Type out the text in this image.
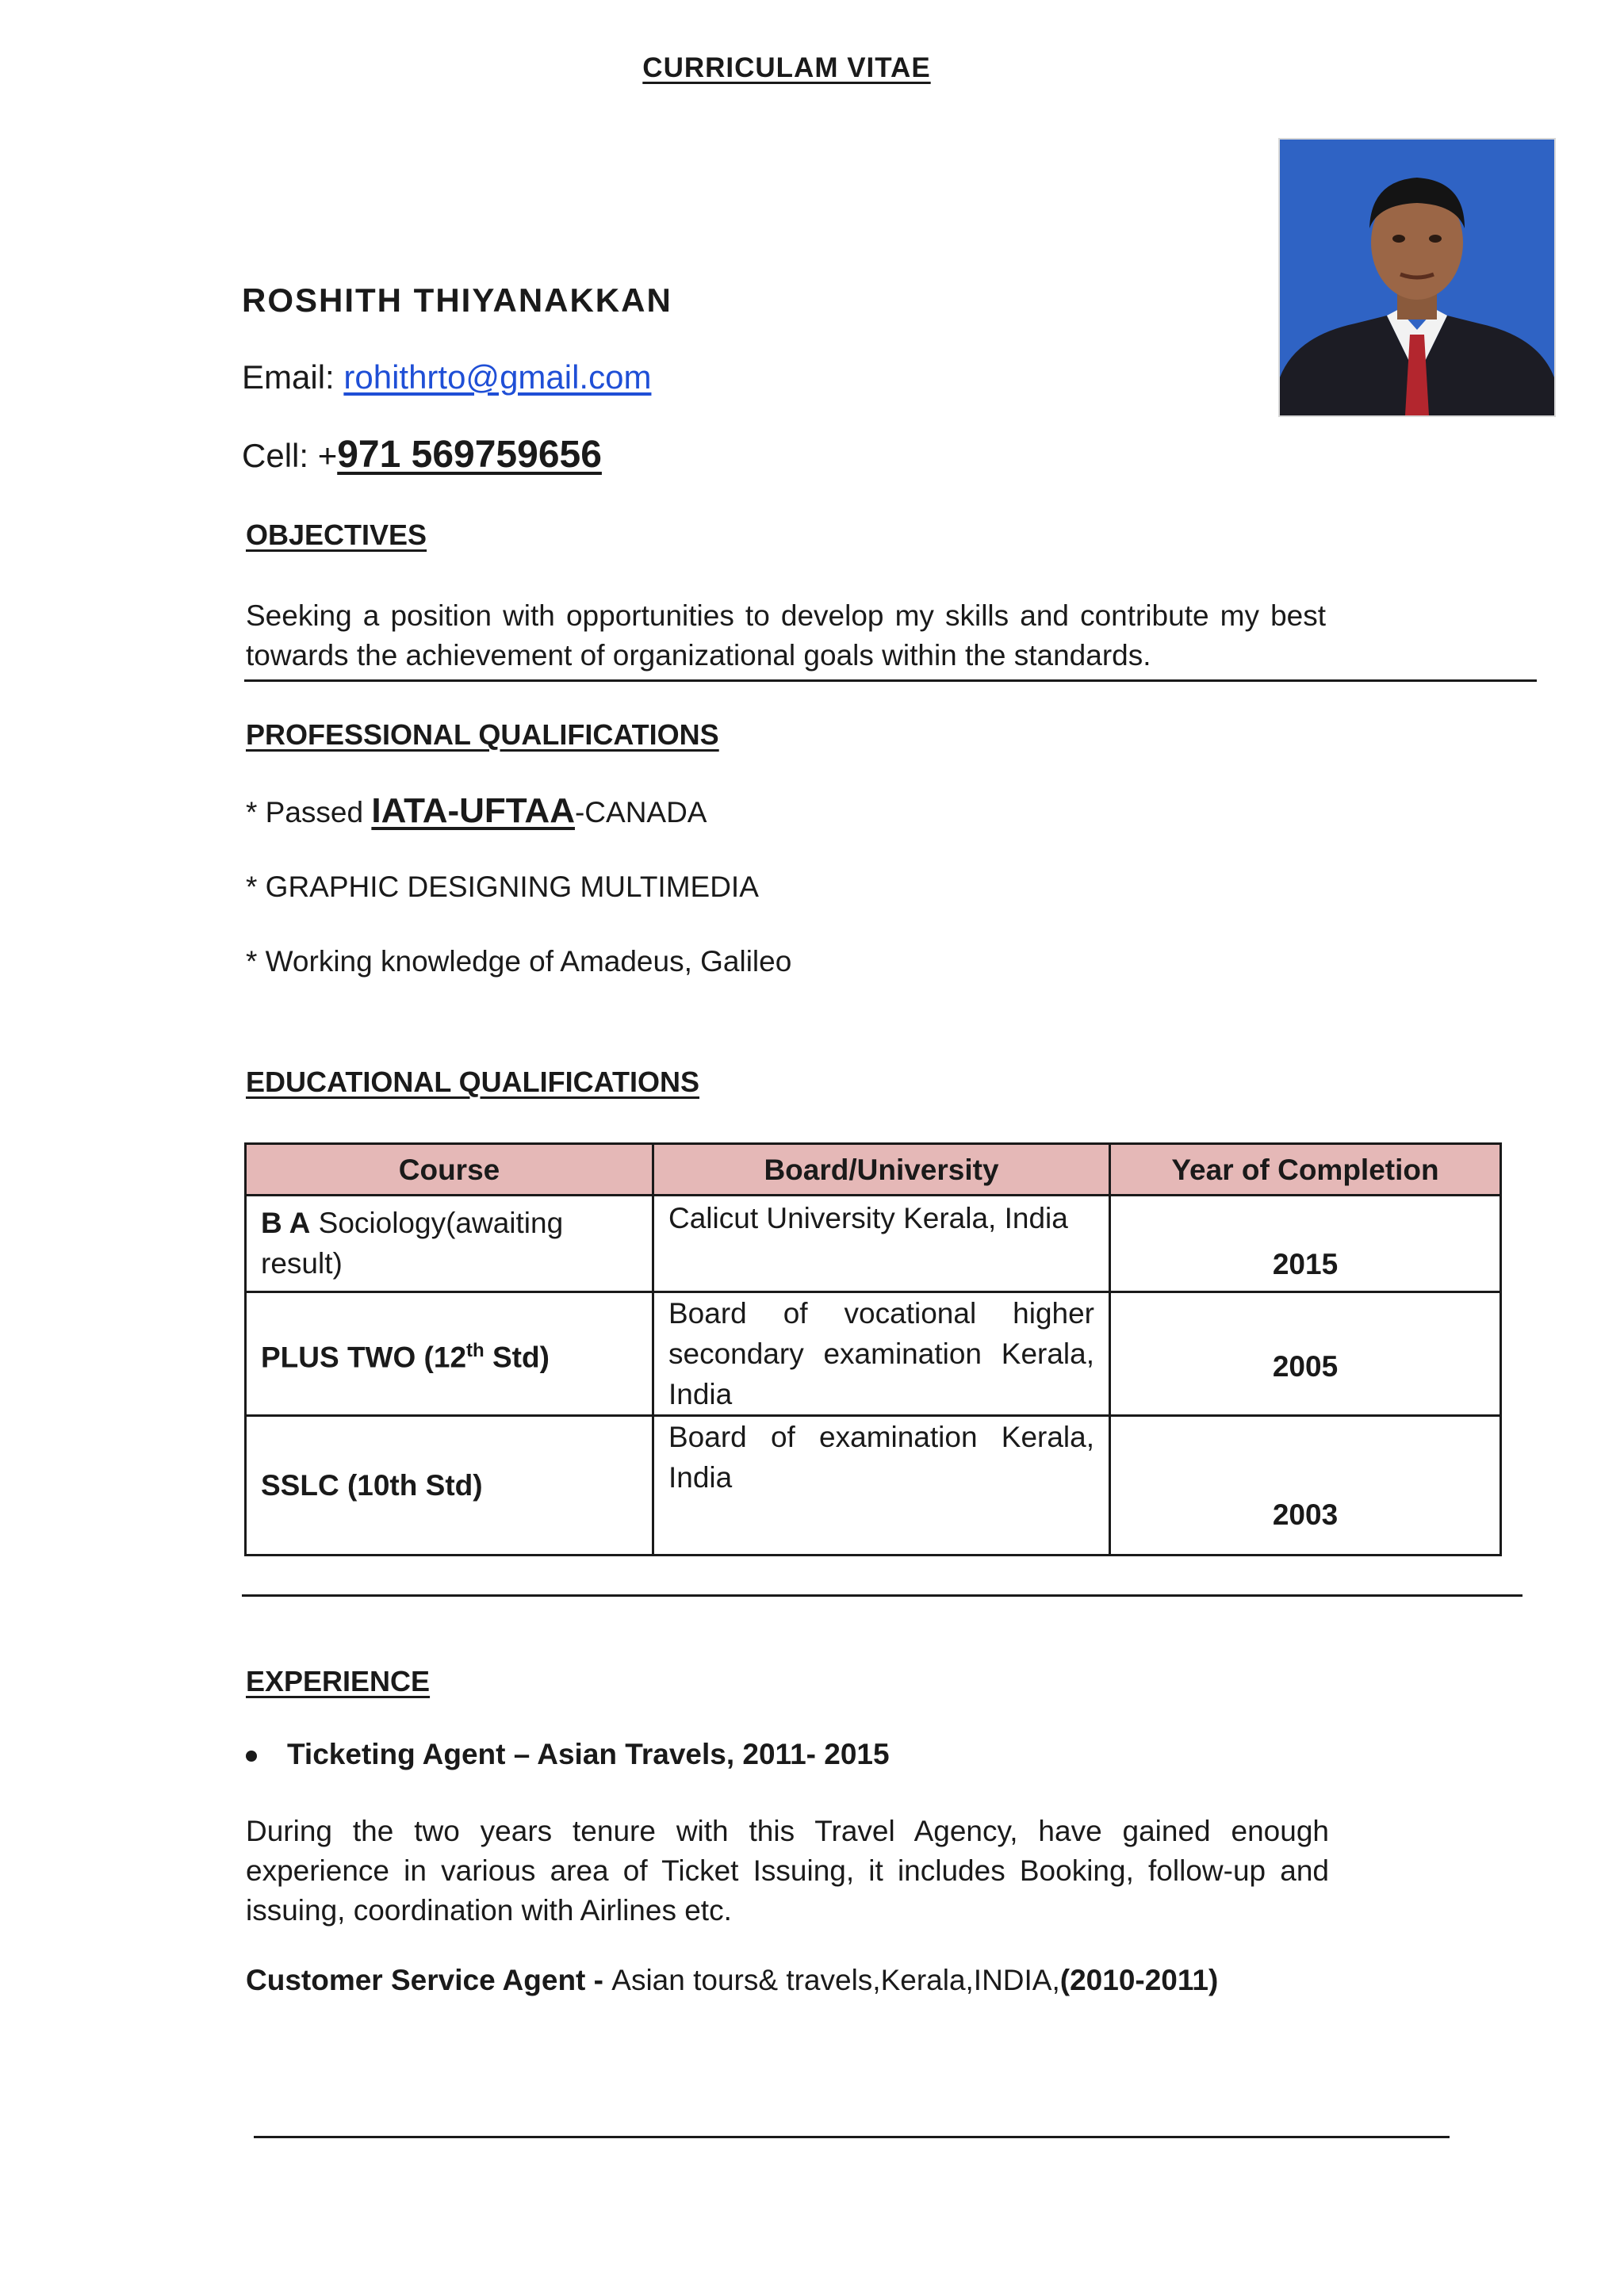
CURRICULAM VITAE
ROSHITH THIYANAKKAN
Email: rohithrto@gmail.com
Cell: +971 569759656
OBJECTIVES
Seeking a position with opportunities to develop my skills and contribute my best towards the achievement of organizational goals within the standards.
PROFESSIONAL QUALIFICATIONS
* Passed IATA-UFTAA-CANADA
* GRAPHIC DESIGNING MULTIMEDIA
* Working knowledge of Amadeus, Galileo
EDUCATIONAL QUALIFICATIONS
Course	Board/University	Year of Completion
B A Sociology(awaiting result)	Calicut University Kerala, India	2015
PLUS TWO (12th Std)	Board of vocational higher secondary examination Kerala, India	2005
SSLC (10th Std)	Board of examination Kerala, India	2003
EXPERIENCE
Ticketing Agent – Asian Travels, 2011- 2015
During the two years tenure with this Travel Agency, have gained enough experience in various area of Ticket Issuing, it includes Booking, follow-up and issuing, coordination with Airlines etc.
Customer Service Agent - Asian tours& travels,Kerala,INDIA,(2010-2011)
